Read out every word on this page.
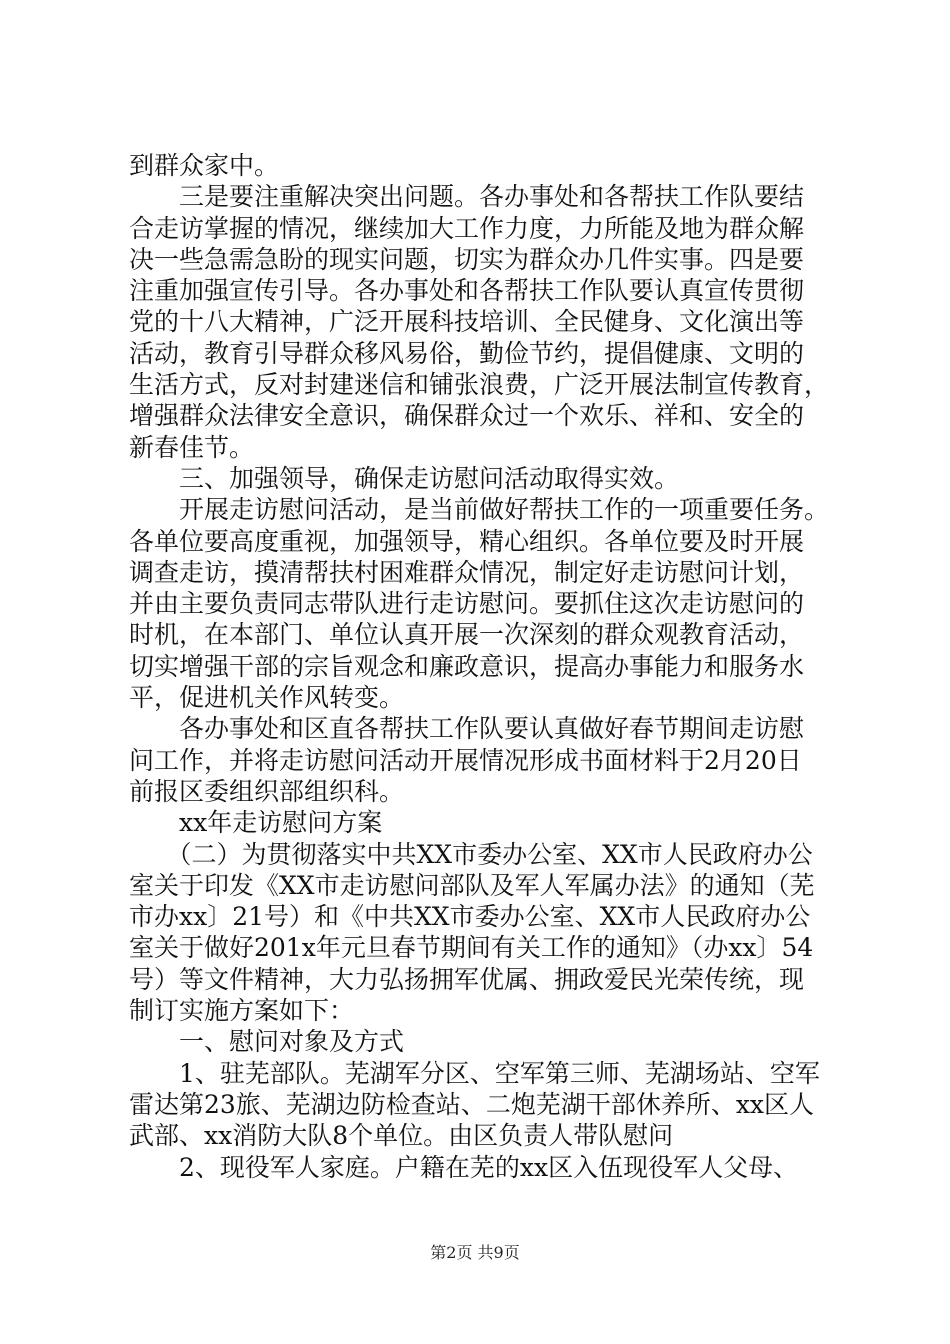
到群众家中。
　　三是要注重解决突出问题。各办事处和各帮扶工作队要结
合走访掌握的情况，继续加大工作力度，力所能及地为群众解
决一些急需急盼的现实问题，切实为群众办几件实事。四是要
注重加强宣传引导。各办事处和各帮扶工作队要认真宣传贯彻
党的十八大精神，广泛开展科技培训、全民健身、文化演出等
活动，教育引导群众移风易俗，勤俭节约，提倡健康、文明的
生活方式，反对封建迷信和铺张浪费，广泛开展法制宣传教育，
增强群众法律安全意识，确保群众过一个欢乐、祥和、安全的
新春佳节。
　　三、加强领导，确保走访慰问活动取得实效。
　　开展走访慰问活动，是当前做好帮扶工作的一项重要任务。
各单位要高度重视，加强领导，精心组织。各单位要及时开展
调查走访，摸清帮扶村困难群众情况，制定好走访慰问计划，
并由主要负责同志带队进行走访慰问。要抓住这次走访慰问的
时机，在本部门、单位认真开展一次深刻的群众观教育活动，
切实增强干部的宗旨观念和廉政意识，提高办事能力和服务水
平，促进机关作风转变。
　　各办事处和区直各帮扶工作队要认真做好春节期间走访慰
问工作，并将走访慰问活动开展情况形成书面材料于2月20日
前报区委组织部组织科。
　　xx年走访慰问方案
　　（二）为贯彻落实中共XX市委办公室、XX市人民政府办公
室关于印发《XX市走访慰问部队及军人军属办法》的通知（芜
市办xx〕21号）和《中共XX市委办公室、XX市人民政府办公
室关于做好201x年元旦春节期间有关工作的通知》（办xx〕54
号）等文件精神，大力弘扬拥军优属、拥政爱民光荣传统，现
制订实施方案如下：
　　一、慰问对象及方式
　　1、驻芜部队。芜湖军分区、空军第三师、芜湖场站、空军
雷达第23旅、芜湖边防检查站、二炮芜湖干部休养所、xx区人
武部、xx消防大队8个单位。由区负责人带队慰问
　　2、现役军人家庭。户籍在芜的xx区入伍现役军人父母、
第2页 共9页
